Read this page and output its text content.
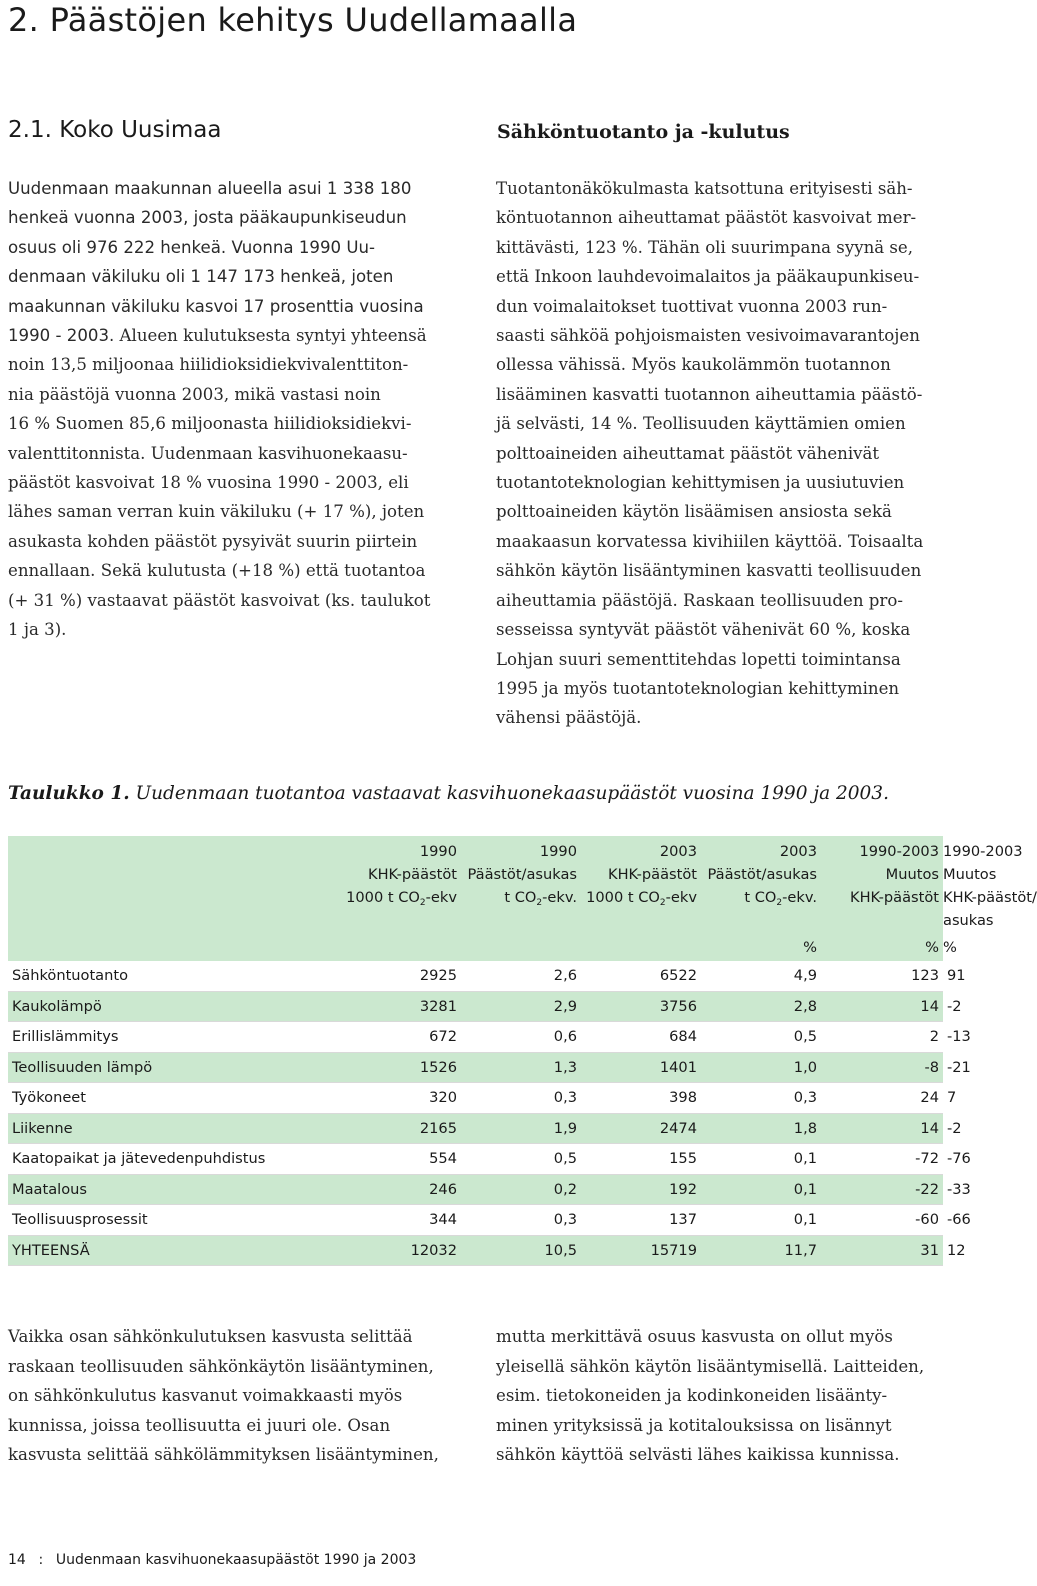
2. Päästöjen kehitys Uudellamaalla
2.1. Koko Uusimaa	Sähköntuotanto ja -kulutus

Uudenmaan maakunnan alueella asui 1 338 180

henkeä vuonna 2003, josta pääkaupunkiseudun

osuus oli 976 222 henkeä. Vuonna 1990 Uu-

denmaan väkiluku oli 1 147 173 henkeä, joten

maakunnan väkiluku kasvoi 17 prosenttia vuosina

1990 - 2003. Alueen kulutuksesta syntyi yhteensä

noin 13,5 miljoonaa hiilidioksidiekvivalenttiton-

nia päästöjä vuonna 2003, mikä vastasi noin

16 % Suomen 85,6 miljoonasta hiilidioksidiekvi-

valenttitonnista. Uudenmaan kasvihuonekaasu-

päästöt kasvoivat 18 % vuosina 1990 - 2003, eli

lähes saman verran kuin väkiluku (+ 17 %), joten

asukasta kohden päästöt pysyivät suurin piirtein

ennallaan. Sekä kulutusta (+18 %) että tuotantoa

(+ 31 %) vastaavat päästöt kasvoivat (ks. taulukot

1 ja 3).

Tuotantonäkökulmasta katsottuna erityisesti säh-

köntuotannon aiheuttamat päästöt kasvoivat mer-

kittävästi, 123 %. Tähän oli suurimpana syynä se,

että Inkoon lauhdevoimalaitos ja pääkaupunkiseu-

dun voimalaitokset tuottivat vuonna 2003 run-

saasti sähköä pohjoismaisten vesivoimavarantojen

ollessa vähissä. Myös kaukolämmön tuotannon

lisääminen kasvatti tuotannon aiheuttamia päästö-

jä selvästi, 14 %. Teollisuuden käyttämien omien

polttoaineiden aiheuttamat päästöt vähenivät

tuotantoteknologian kehittymisen ja uusiutuvien

polttoaineiden käytön lisäämisen ansiosta sekä

maakaasun korvatessa kivihiilen käyttöä. Toisaalta

sähkön käytön lisääntyminen kasvatti teollisuuden

aiheuttamia päästöjä. Raskaan teollisuuden pro-

sesseissa syntyvät päästöt vähenivät 60 %, koska

Lohjan suuri sementtitehdas lopetti toimintansa

1995 ja myös tuotantoteknologian kehittyminen

vähensi päästöjä.

Taulukko 1. Uudenmaan tuotantoa vastaavat kasvihuonekaasupäästöt vuosina 1990 ja 2003.

	1990
KHK-päästöt
1000 t $CO_2$-ekv	1990
Päästöt/asukas
t $CO_2$-ekv.	2003
KHK-päästöt
1000 t $CO_2$-ekv	2003
Päästöt/asukas
t $CO_2$-ekv.	1990-2003
Muutos
KHK-päästöt	1990-2003
Muutos
KHK-päästöt/
asukas

				%	%	%
Sähköntuotanto	2925	2,6	6522	4,9	123	91
Kaukolämpö	3281	2,9	3756	2,8	14	-2
Erillislämmitys	672	0,6	684	0,5	2	-13
Teollisuuden lämpö	1526	1,3	1401	1,0	-8	-21
Työkoneet	320	0,3	398	0,3	24	7
Liikenne	2165	1,9	2474	1,8	14	-2
Kaatopaikat ja jätevedenpuhdistus	554	0,5	155	0,1	-72	-76
Maatalous	246	0,2	192	0,1	-22	-33
Teollisuusprosessit	344	0,3	137	0,1	-60	-66
YHTEENSÄ	12032	10,5	15719	11,7	31	12

Vaikka osan sähkönkulutuksen kasvusta selittää

raskaan teollisuuden sähkönkäytön lisääntyminen,

on sähkönkulutus kasvanut voimakkaasti myös

kunnissa, joissa teollisuutta ei juuri ole. Osan

kasvusta selittää sähkölämmityksen lisääntyminen,

mutta merkittävä osuus kasvusta on ollut myös

yleisellä sähkön käytön lisääntymisellä. Laitteiden,

esim. tietokoneiden ja kodinkoneiden lisäänty-

minen yrityksissä ja kotitalouksissa on lisännyt

sähkön käyttöä selvästi lähes kaikissa kunnissa.

14 : Uudenmaan kasvihuonekaasupäästöt 1990 ja 2003
